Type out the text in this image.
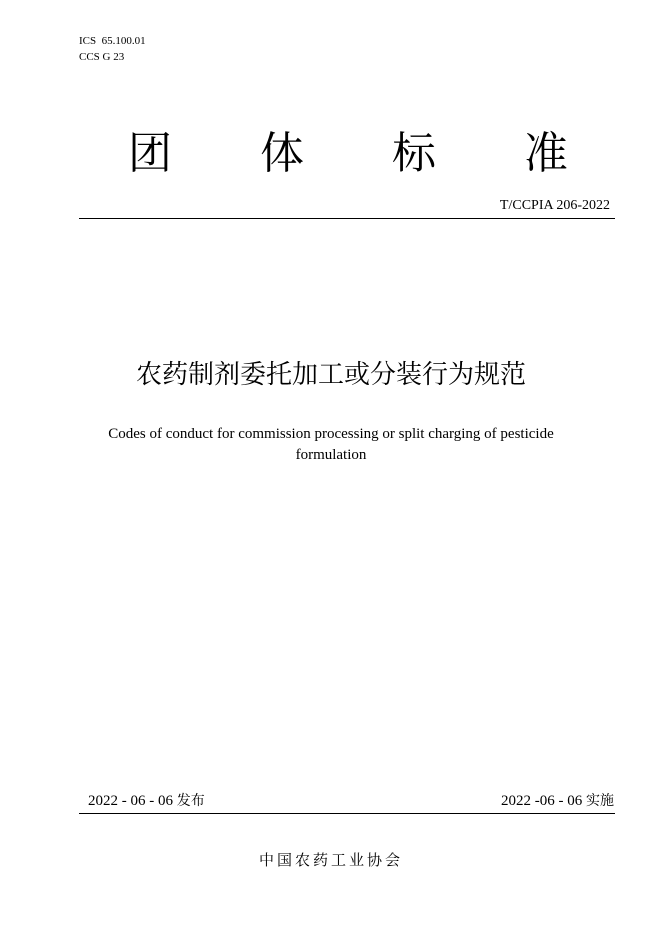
ICS  65.100.01
CCS G 23
团 体 标 准
T/CCPIA 206-2022
农药制剂委托加工或分装行为规范
Codes of conduct for commission processing or split charging of pesticide formulation
2022 - 06 - 06 发布	2022 -06 - 06 实施
中国农药工业协会
